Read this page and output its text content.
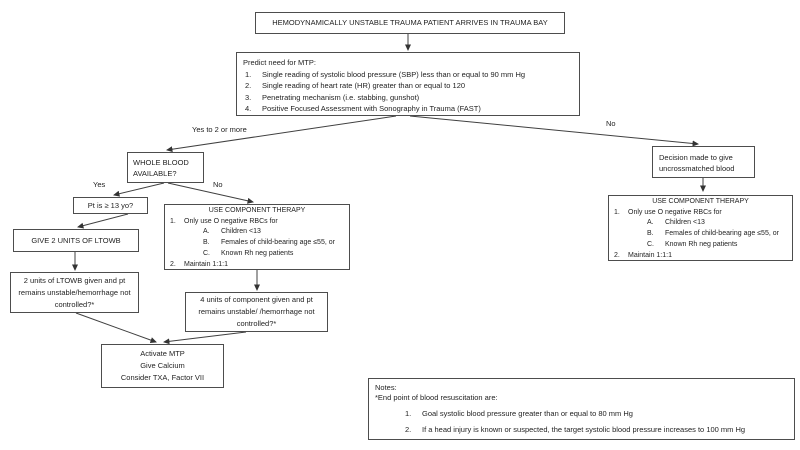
HEMODYNAMICALLY UNSTABLE TRAUMA PATIENT ARRIVES IN TRAUMA BAY
Predict need for MTP:
1.	Single reading of systolic blood pressure (SBP) less than or equal to 90 mm Hg
2.	Single reading of heart rate (HR) greater than or equal to 120
3.	Penetrating mechanism (i.e. stabbing, gunshot)
4.	Positive Focused Assessment with Sonography in Trauma (FAST)
Yes to 2 or more
No
Yes	No
WHOLE BLOOD AVAILABLE?
Decision made to give uncrossmatched blood
Pt is ≥ 13 yo?
GIVE 2 UNITS OF LTOWB
USE COMPONENT THERAPY
1.	Only use O negative RBCs for
A.	Children <13
B.	Females of child-bearing age ≤55, or
C.	Known Rh neg patients
2.	Maintain 1:1:1
USE COMPONENT THERAPY
1.	Only use O negative RBCs for
A.	Children <13
B.	Females of child-bearing age ≤55, or
C.	Known Rh neg patients
2.	Maintain 1:1:1
2 units of LTOWB given and pt remains unstable/hemorrhage not controlled?*	4 units of component given and pt remains unstable/ /hemorrhage not controlled?*
Activate MTP
Give Calcium
Consider TXA, Factor VII
Notes:
*End point of blood resuscitation are:
1.	Goal systolic blood pressure greater than or equal to 80 mm Hg
2.	If a head injury is known or suspected, the target systolic blood pressure increases to 100 mm Hg
